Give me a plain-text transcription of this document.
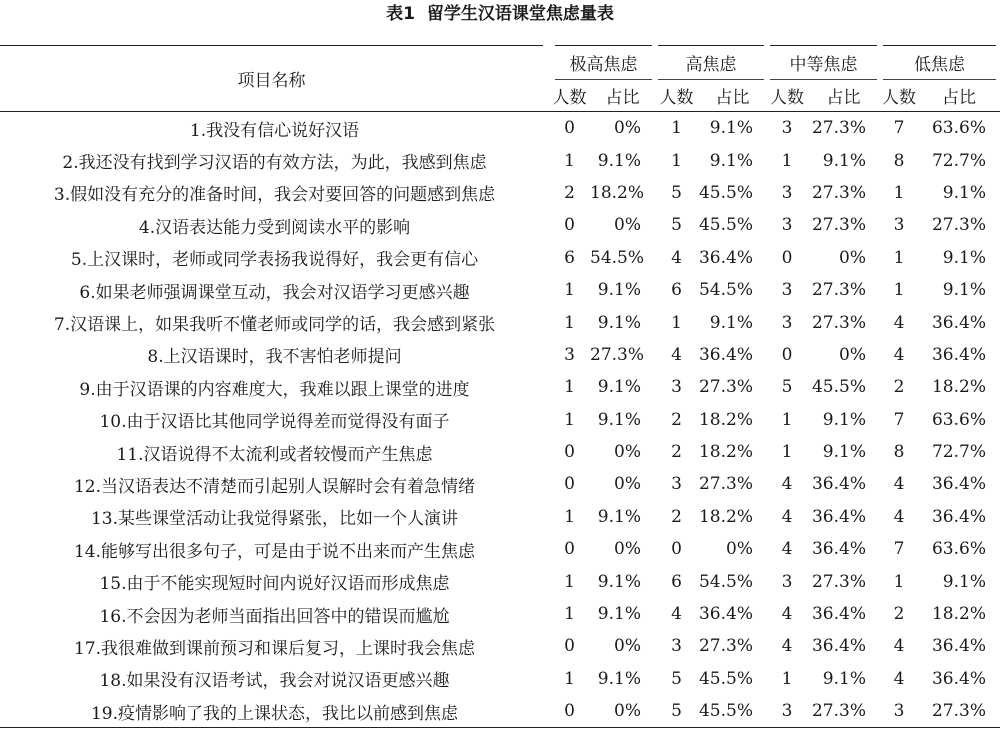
表1 留学生汉语课堂焦虑量表
项目名称	极高焦虑		高焦虑		中等焦虑		低焦虑	
	人数	占比	人数	占比	人数	占比	人数	占比
1.我没有信心说好汉语	0	0%	1	9.1%	3	27.3%	7	63.6%
2.我还没有找到学习汉语的有效方法，为此，我感到焦虑	1	9.1%	1	9.1%	1	9.1%	8	72.7%
3.假如没有充分的准备时间，我会对要回答的问题感到焦虑	2	18.2%	5	45.5%	3	27.3%	1	9.1%
4.汉语表达能力受到阅读水平的影响	0	0%	5	45.5%	3	27.3%	3	27.3%
5.上汉课时，老师或同学表扬我说得好，我会更有信心	6	54.5%	4	36.4%	0	0%	1	9.1%
6.如果老师强调课堂互动，我会对汉语学习更感兴趣	1	9.1%	6	54.5%	3	27.3%	1	9.1%
7.汉语课上，如果我听不懂老师或同学的话，我会感到紧张	1	9.1%	1	9.1%	3	27.3%	4	36.4%
8.上汉语课时，我不害怕老师提问	3	27.3%	4	36.4%	0	0%	4	36.4%
9.由于汉语课的内容难度大，我难以跟上课堂的进度	1	9.1%	3	27.3%	5	45.5%	2	18.2%
10.由于汉语比其他同学说得差而觉得没有面子	1	9.1%	2	18.2%	1	9.1%	7	63.6%
11.汉语说得不太流利或者较慢而产生焦虑	0	0%	2	18.2%	1	9.1%	8	72.7%
12.当汉语表达不清楚而引起别人误解时会有着急情绪	0	0%	3	27.3%	4	36.4%	4	36.4%
13.某些课堂活动让我觉得紧张，比如一个人演讲	1	9.1%	2	18.2%	4	36.4%	4	36.4%
14.能够写出很多句子，可是由于说不出来而产生焦虑	0	0%	0	0%	4	36.4%	7	63.6%
15.由于不能实现短时间内说好汉语而形成焦虑	1	9.1%	6	54.5%	3	27.3%	1	9.1%
16.不会因为老师当面指出回答中的错误而尴尬	1	9.1%	4	36.4%	4	36.4%	2	18.2%
17.我很难做到课前预习和课后复习，上课时我会焦虑	0	0%	3	27.3%	4	36.4%	4	36.4%
18.如果没有汉语考试，我会对说汉语更感兴趣	1	9.1%	5	45.5%	1	9.1%	4	36.4%
19.疫情影响了我的上课状态，我比以前感到焦虑	0	0%	5	45.5%	3	27.3%	3	27.3%
